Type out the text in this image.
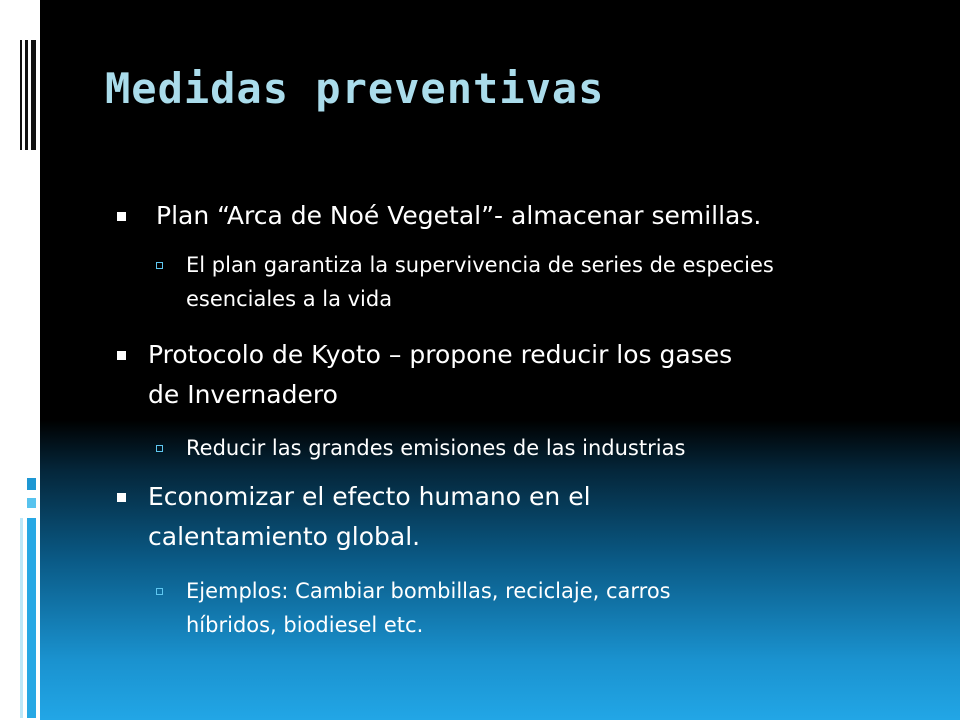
Medidas preventivas
Plan “Arca de Noé Vegetal”- almacenar semillas.
El plan garantiza la supervivencia de series de especies
esenciales a la vida
Protocolo de Kyoto – propone reducir los gases
de Invernadero
Reducir las grandes emisiones de las industrias
Economizar el efecto humano en el
calentamiento global.
Ejemplos: Cambiar bombillas, reciclaje, carros
híbridos, biodiesel etc.
